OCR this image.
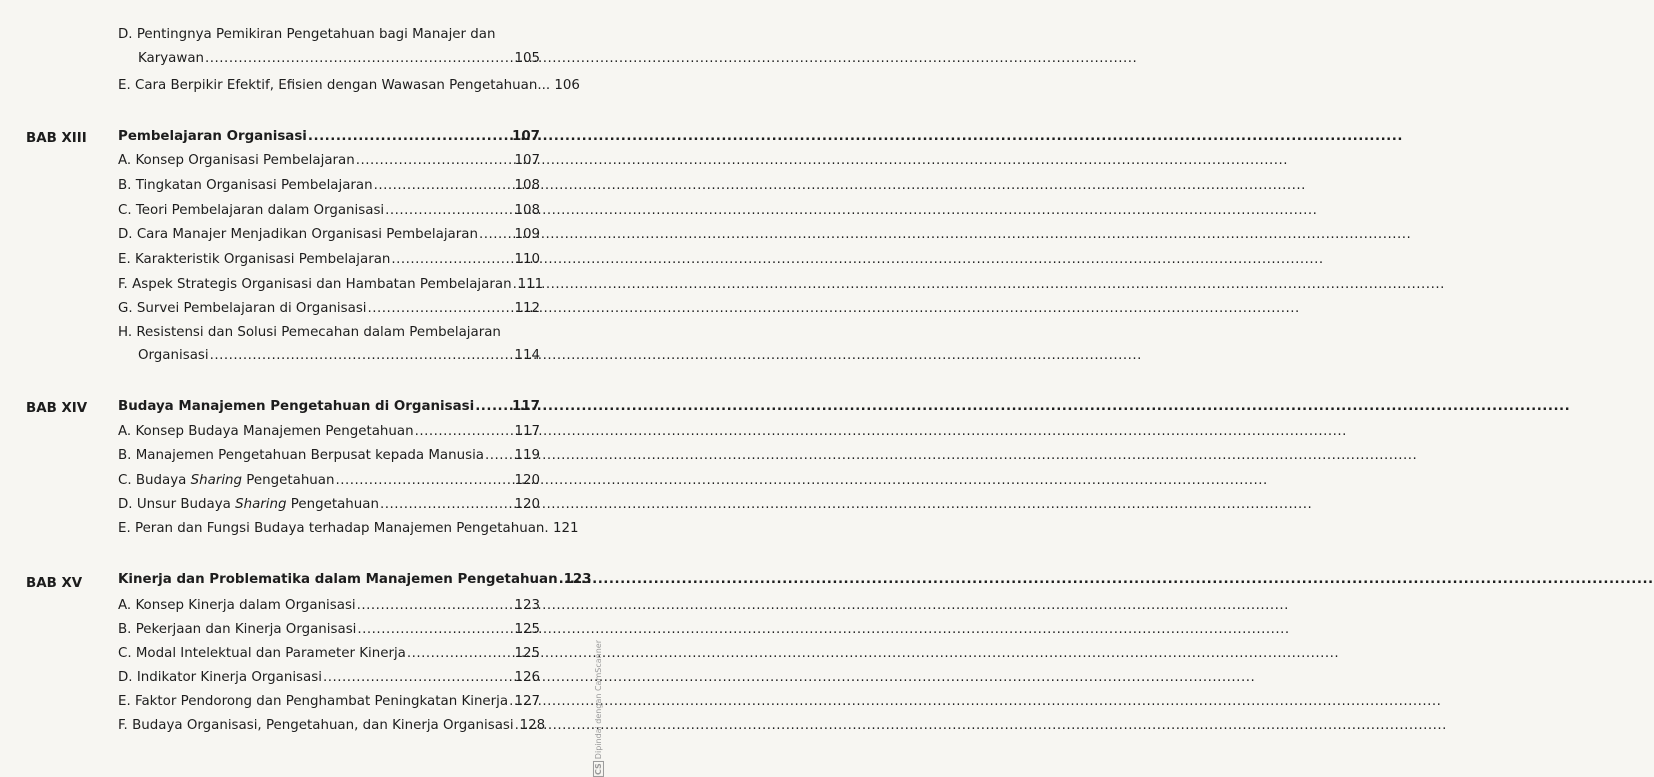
D. Pentingnya Pemikiran Pengetahuan bagi Manajer dan
Karyawan .....	105
E. Cara Berpikir Efektif, Efisien dengan Wawasan Pengetahuan... 106
BAB XIII Pembelajaran Organisasi .....	107
A. Konsep Organisasi Pembelajaran .....	107
B. Tingkatan Organisasi Pembelajaran .....	108
C. Teori Pembelajaran dalam Organisasi .....	108
D. Cara Manajer Menjadikan Organisasi Pembelajaran .....	109
E. Karakteristik Organisasi Pembelajaran .....	110
F. Aspek Strategis Organisasi dan Hambatan Pembelajaran ..... 111
G. Survei Pembelajaran di Organisasi .....	112
H. Resistensi dan Solusi Pemecahan dalam Pembelajaran
Organisasi .....	114
BAB XIV Budaya Manajemen Pengetahuan di Organisasi .....	117
A. Konsep Budaya Manajemen Pengetahuan .....	117
B. Manajemen Pengetahuan Berpusat kepada Manusia ..... 119
C. Budaya Sharing Pengetahuan .....	120
D. Unsur Budaya Sharing Pengetahuan .....	120
E. Peran dan Fungsi Budaya terhadap Manajemen Pengetahuan. 121
BAB XV	Kinerja dan Problematika dalam Manajemen Pengetahuan ..... 123
A. Konsep Kinerja dalam Organisasi .....	123
B. Pekerjaan dan Kinerja Organisasi .....	125
C. Modal Intelektual dan Parameter Kinerja .....	125
D. Indikator Kinerja Organisasi .....	126
E. Faktor Pendorong dan Penghambat Peningkatan Kinerja ..... 127
F. Budaya Organisasi, Pengetahuan, dan Kinerja Organisasi ..... 128
CSDipindai dengan CamScanner
